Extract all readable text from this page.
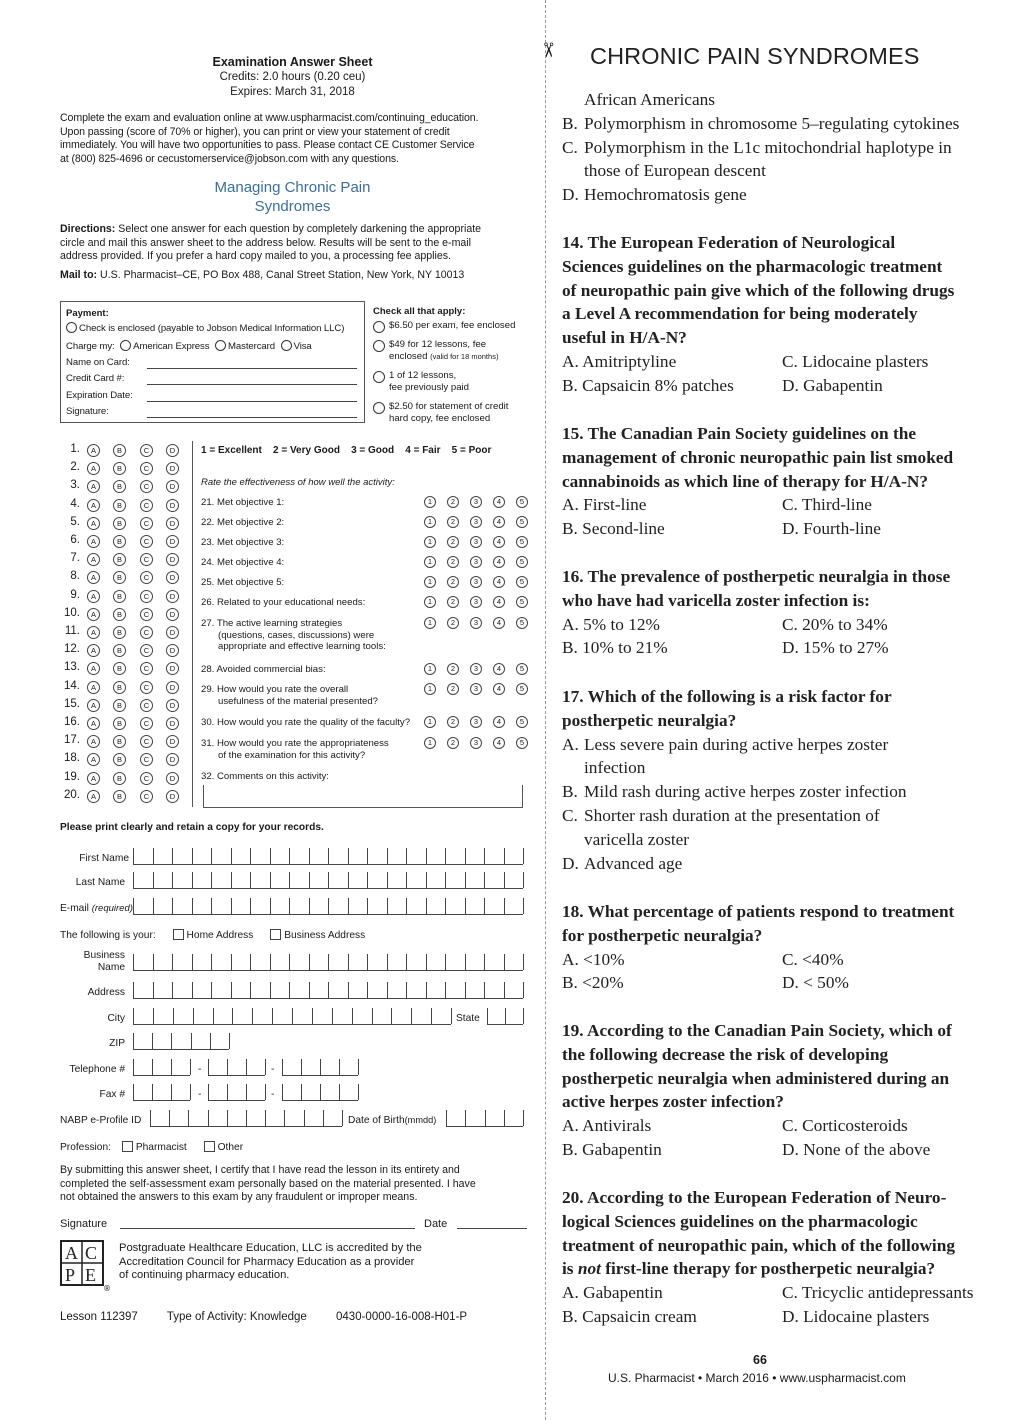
✂
Examination Answer Sheet
Credits: 2.0 hours (0.20 ceu)
Expires: March 31, 2018
Complete the exam and evaluation online at www.uspharmacist.com/continuing_education.
Upon passing (score of 70% or higher), you can print or view your statement of credit
immediately. You will have two opportunities to pass. Please contact CE Customer Service
at (800) 825-4696 or cecustomerservice@jobson.com with any questions.
Managing Chronic Pain
Syndromes
Directions: Select one answer for each question by completely darkening the appropriate
circle and mail this answer sheet to the address below. Results will be sent to the e-mail
address provided. If you prefer a hard copy mailed to you, a processing fee applies.
Mail to: U.S. Pharmacist–CE, PO Box 488, Canal Street Station, New York, NY 10013
Payment:
Check is enclosed (payable to Jobson Medical Information LLC)
Charge my: American Express Mastercard Visa
Name on Card:
Credit Card #:
Expiration Date:
Signature:
Check all that apply:
$6.50 per exam, fee enclosed
$49 for 12 lessons, fee
enclosed (valid for 18 months)
1 of 12 lessons,
fee previously paid
$2.50 for statement of credit
hard copy, fee enclosed
1.	A	B	C	D
2.	A	B	C	D
3.	A	B	C	D
4.	A	B	C	D
5.	A	B	C	D
6.	A	B	C	D
7.	A	B	C	D
8.	A	B	C	D
9.	A	B	C	D
10.	A	B	C	D
11.	A	B	C	D
12.	A	B	C	D
13.	A	B	C	D
14.	A	B	C	D
15.	A	B	C	D
16.	A	B	C	D
17.	A	B	C	D
18.	A	B	C	D
19.	A	B	C	D
20.	A	B	C	D
1 = Excellent    2 = Very Good    3 = Good    4 = Fair    5 = Poor
Rate the effectiveness of how well the activity:
21. Met objective 1:	1	2	3	4	5
22. Met objective 2:	1	2	3	4	5
23. Met objective 3:	1	2	3	4	5
24. Met objective 4:	1	2	3	4	5
25. Met objective 5:	1	2	3	4	5
26. Related to your educational needs:	1	2	3	4	5
27. The active learning strategies
(questions, cases, discussions) were
appropriate and effective learning tools:
1	2	3	4	5
28. Avoided commercial bias:	1	2	3	4	5
29. How would you rate the overall
usefulness of the material presented?
1	2	3	4	5
30. How would you rate the quality of the faculty?	1	2	3	4	5
31. How would you rate the appropriateness
of the examination for this activity?
1	2	3	4	5
32. Comments on this activity:
Please print clearly and retain a copy for your records.
First Name
Last Name
E-mail (required)
The following is your:	Home Address	Business Address
Business
Name
Address
City	State
ZIP
Telephone #	-	-
Fax #	-	-
NABP e-Profile ID	Date of Birth(mmdd)
Profession: Pharmacist	Other
By submitting this answer sheet, I certify that I have read the lesson in its entirety and
completed the self-assessment exam personally based on the material presented. I have
not obtained the answers to this exam by any fraudulent or improper means.
Signature	Date
A C
P E
®
Postgraduate Healthcare Education, LLC is accredited by the
Accreditation Council for Pharmacy Education as a provider
of continuing pharmacy education.
Lesson 112397	Type of Activity: Knowledge	0430-0000-16-008-H01-P
CHRONIC PAIN SYNDROMES
African Americans
B. Polymorphism in chromosome 5–regulating cytokines
C. Polymorphism in the L1c mitochondrial haplotype in
those of European descent
D. Hemochromatosis gene
14. The European Federation of Neurological
Sciences guidelines on the pharmacologic treatment
of neuropathic pain give which of the following drugs
a Level A recommendation for being moderately
useful in H/A-N?
A. Amitriptyline	C. Lidocaine plasters
B. Capsaicin 8% patches	D. Gabapentin
15. The Canadian Pain Society guidelines on the
management of chronic neuropathic pain list smoked
cannabinoids as which line of therapy for H/A-N?
A. First-line	C. Third-line
B. Second-line	D. Fourth-line
16. The prevalence of postherpetic neuralgia in those
who have had varicella zoster infection is:
A. 5% to 12%	C. 20% to 34%
B. 10% to 21%	D. 15% to 27%
17. Which of the following is a risk factor for
postherpetic neuralgia?
A. Less severe pain during active herpes zoster
infection
B. Mild rash during active herpes zoster infection
C. Shorter rash duration at the presentation of
varicella zoster
D. Advanced age
18. What percentage of patients respond to treatment
for postherpetic neuralgia?
A. <10%	C. <40%
B. <20%	D. < 50%
19. According to the Canadian Pain Society, which of
the following decrease the risk of developing
postherpetic neuralgia when administered during an
active herpes zoster infection?
A. Antivirals	C. Corticosteroids
B. Gabapentin	D. None of the above
20. According to the European Federation of Neuro-
logical Sciences guidelines on the pharmacologic
treatment of neuropathic pain, which of the following
is not first-line therapy for postherpetic neuralgia?
A. Gabapentin	C. Tricyclic antidepressants
B. Capsaicin cream	D. Lidocaine plasters
66
U.S. Pharmacist • March 2016 • www.uspharmacist.com
